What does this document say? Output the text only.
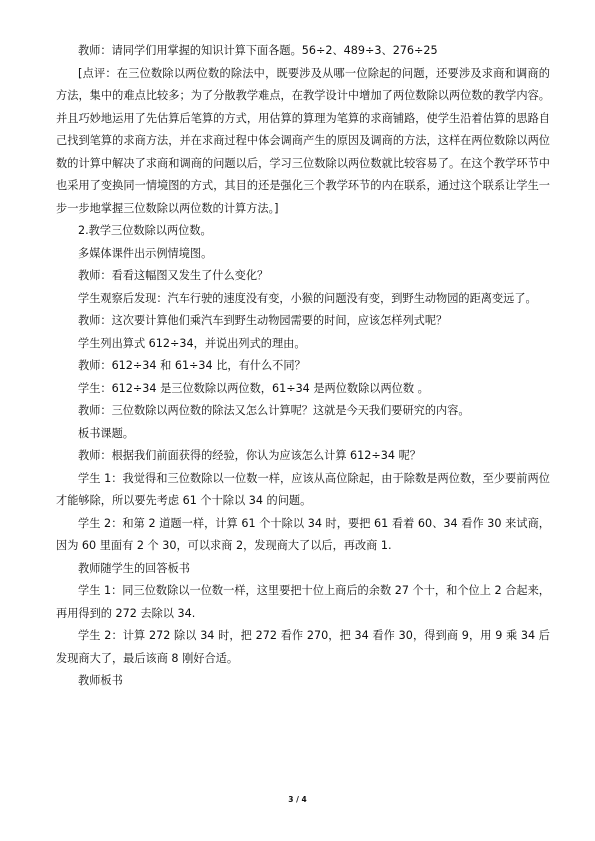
教师：请同学们用掌握的知识计算下面各题。56÷2、489÷3、276÷25

[点评：在三位数除以两位数的除法中，既要涉及从哪一位除起的问题，还要涉及求商和调商的方法，集中的难点比较多；为了分散教学难点，在教学设计中增加了两位数除以两位数的教学内容。并且巧妙地运用了先估算后笔算的方式，用估算的算理为笔算的求商铺路，使学生沿着估算的思路自己找到笔算的求商方法，并在求商过程中体会调商产生的原因及调商的方法，这样在两位数除以两位数的计算中解决了求商和调商的问题以后，学习三位数除以两位数就比较容易了。在这个教学环节中也采用了变换同一情境图的方式，其目的还是强化三个教学环节的内在联系，通过这个联系让学生一步一步地掌握三位数除以两位数的计算方法。]

2.教学三位数除以两位数。

多媒体课件出示例情境图。

教师：看看这幅图又发生了什么变化？

学生观察后发现：汽车行驶的速度没有变，小猴的问题没有变，到野生动物园的距离变远了。

教师：这次要计算他们乘汽车到野生动物园需要的时间，应该怎样列式呢？

学生列出算式 612÷34，并说出列式的理由。

教师：612÷34 和 61÷34 比，有什么不同？

学生：612÷34 是三位数除以两位数，61÷34 是两位数除以两位数 。

教师：三位数除以两位数的除法又怎么计算呢？这就是今天我们要研究的内容。

板书课题。

教师：根据我们前面获得的经验，你认为应该怎么计算 612÷34 呢？

学生 1：我觉得和三位数除以一位数一样，应该从高位除起，由于除数是两位数，至少要前两位才能够除，所以要先考虑 61 个十除以 34 的问题。

学生 2：和第 2 道题一样，计算 61 个十除以 34 时，要把 61 看着 60、34 看作 30 来试商，因为 60 里面有 2 个 30，可以求商 2，发现商大了以后，再改商 1.

教师随学生的回答板书

学生 1：同三位数除以一位数一样，这里要把十位上商后的余数 27 个十，和个位上 2 合起来，再用得到的 272 去除以 34.

学生 2：计算 272 除以 34 时，把 272 看作 270，把 34 看作 30，得到商 9，用 9 乘 34 后发现商大了，最后该商 8 刚好合适。

教师板书

3 / 4
